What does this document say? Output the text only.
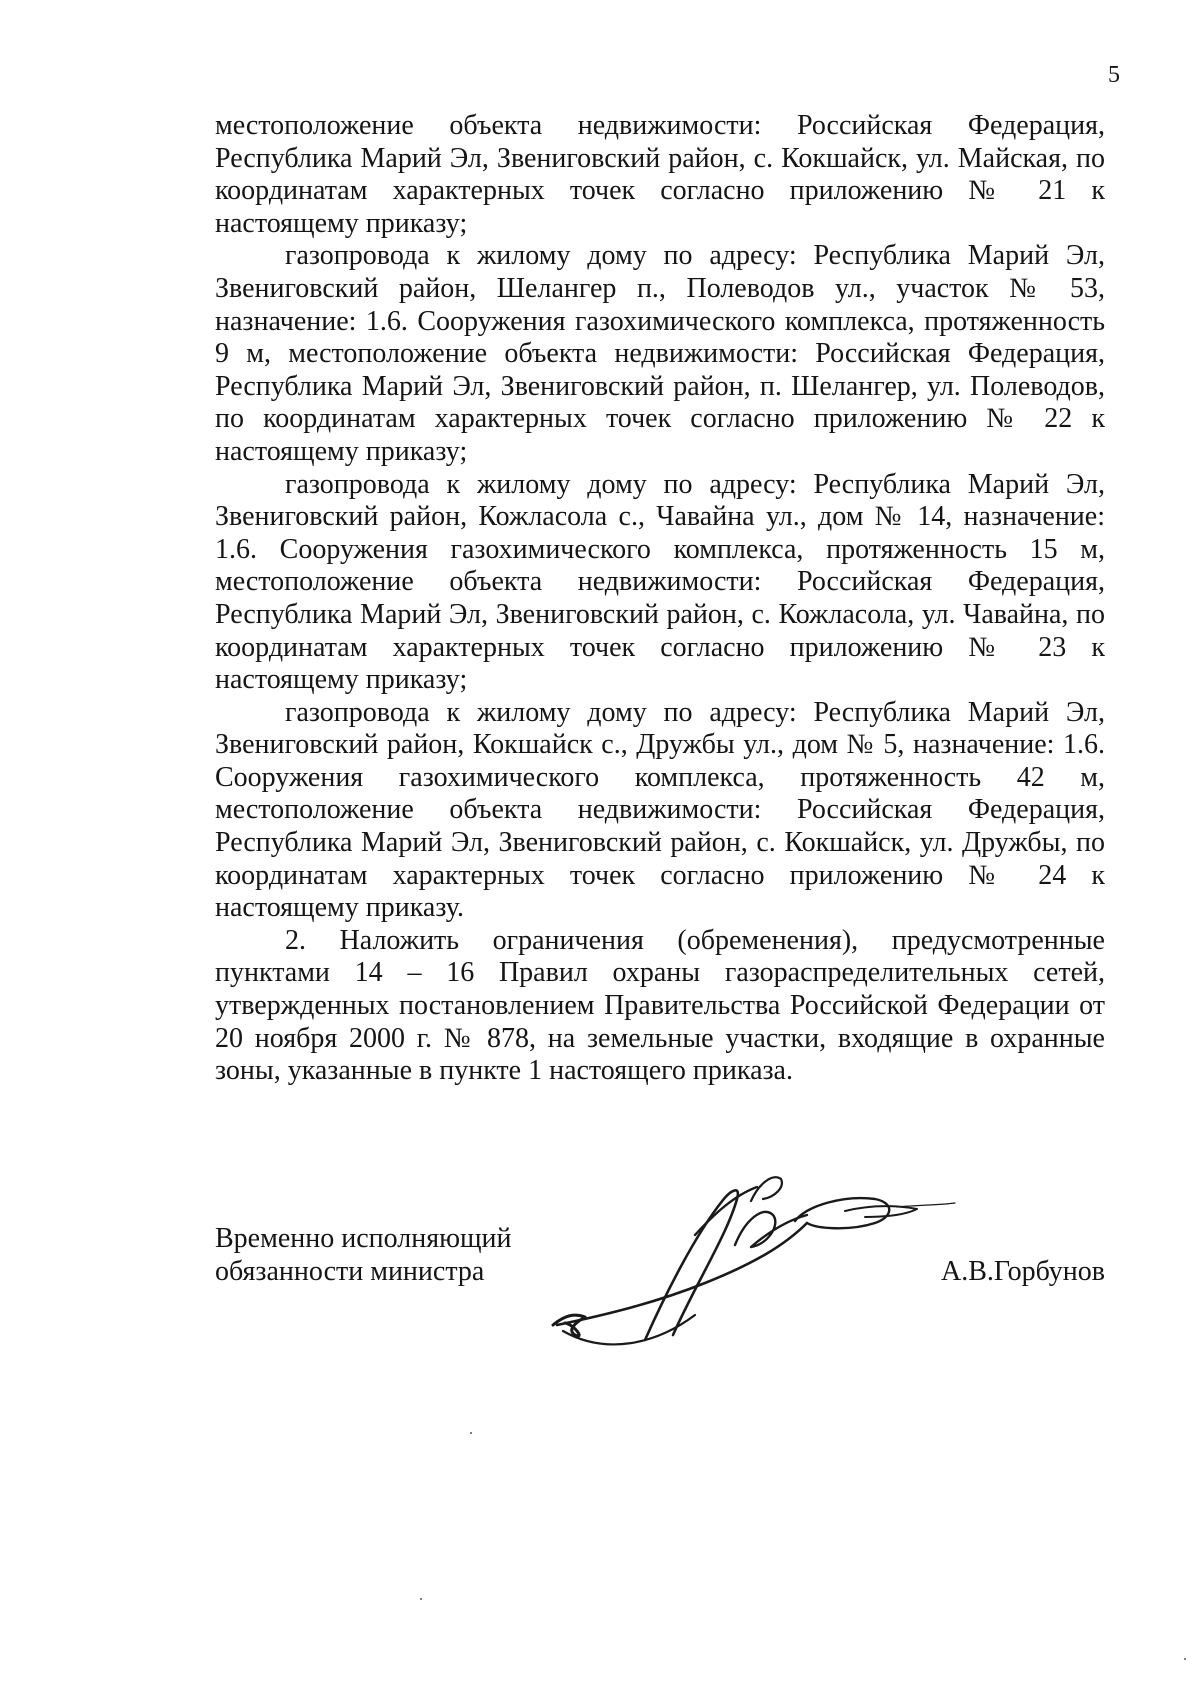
5

местоположение объекта недвижимости: Российская Федерация, Республика Марий Эл, Звениговский район, с. Кокшайск, ул. Майская, по координатам характерных точек согласно приложению № 21 к настоящему приказу;

газопровода к жилому дому по адресу: Республика Марий Эл, Звениговский район, Шелангер п., Полеводов ул., участок № 53, назначение: 1.6. Сооружения газохимического комплекса, протяженность 9 м, местоположение объекта недвижимости: Российская Федерация, Республика Марий Эл, Звениговский район, п. Шелангер, ул. Полеводов, по координатам характерных точек согласно приложению № 22 к настоящему приказу;

газопровода к жилому дому по адресу: Республика Марий Эл, Звениговский район, Кожласола с., Чавайна ул., дом № 14, назначение: 1.6. Сооружения газохимического комплекса, протяженность 15 м, местоположение объекта недвижимости: Российская Федерация, Республика Марий Эл, Звениговский район, с. Кожласола, ул. Чавайна, по координатам характерных точек согласно приложению № 23 к настоящему приказу;

газопровода к жилому дому по адресу: Республика Марий Эл, Звениговский район, Кокшайск с., Дружбы ул., дом № 5, назначение: 1.6. Сооружения газохимического комплекса, протяженность 42 м, местоположение объекта недвижимости: Российская Федерация, Республика Марий Эл, Звениговский район, с. Кокшайск, ул. Дружбы, по координатам характерных точек согласно приложению № 24 к настоящему приказу.

2. Наложить ограничения (обременения), предусмотренные пунктами 14 – 16 Правил охраны газораспределительных сетей, утвержденных постановлением Правительства Российской Федерации от 20 ноября 2000 г. № 878, на земельные участки, входящие в охранные зоны, указанные в пункте 1 настоящего приказа.

Временно исполняющий
обязанности министра	А.В.Горбунов
